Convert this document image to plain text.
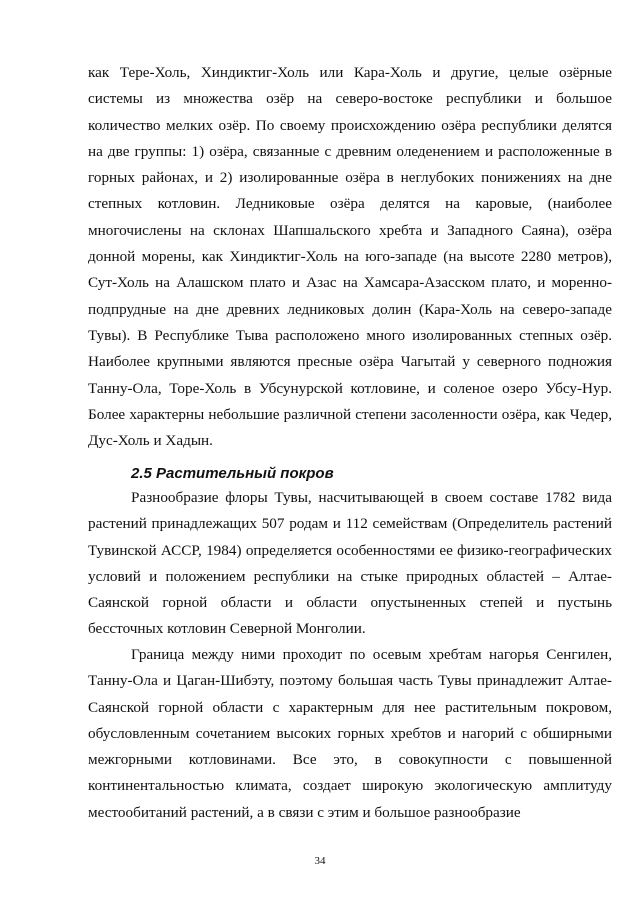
как Тере-Холь, Хиндиктиг-Холь или Кара-Холь и другие, целые озёрные системы из множества озёр на северо-востоке республики и большое количество мелких озёр. По своему происхождению озёра республики делятся на две группы: 1) озёра, связанные с древним оледенением и расположенные в горных районах, и 2) изолированные озёра в неглубоких понижениях на дне степных котловин. Ледниковые озёра делятся на каровые, (наиболее многочислены на склонах Шапшальского хребта и Западного Саяна), озёра донной морены, как Хиндиктиг-Холь на юго-западе (на высоте 2280 метров), Сут-Холь на Алашском плато и Азас на Хамсара-Азасском плато, и моренно-подпрудные на дне древних ледниковых долин (Кара-Холь на северо-западе Тувы). В Республике Тыва расположено много изолированных степных озёр. Наиболее крупными являются пресные озёра Чагытай у северного подножия Танну-Ола, Торе-Холь в Убсунурской котловине, и соленое озеро Убсу-Нур. Более характерны небольшие различной степени засоленности озёра, как Чедер, Дус-Холь и Хадын.

2.5 Растительный покров

Разнообразие флоры Тувы, насчитывающей в своем составе 1782 вида растений принадлежащих 507 родам и 112 семействам (Определитель растений Тувинской АССР, 1984) определяется особенностями ее физико-географических условий и положением республики на стыке природных областей – Алтае-Саянской горной области и области опустыненных степей и пустынь бессточных котловин Северной Монголии.

Граница между ними проходит по осевым хребтам нагорья Сенгилен, Танну-Ола и Цаган-Шибэту, поэтому большая часть Тувы принадлежит Алтае-Саянской горной области с характерным для нее растительным покровом, обусловленным сочетанием высоких горных хребтов и нагорий с обширными межгорными котловинами. Все это, в совокупности с повышенной континентальностью климата, создает широкую экологическую амплитуду местообитаний растений, а в связи с этим и большое разнообразие

34
